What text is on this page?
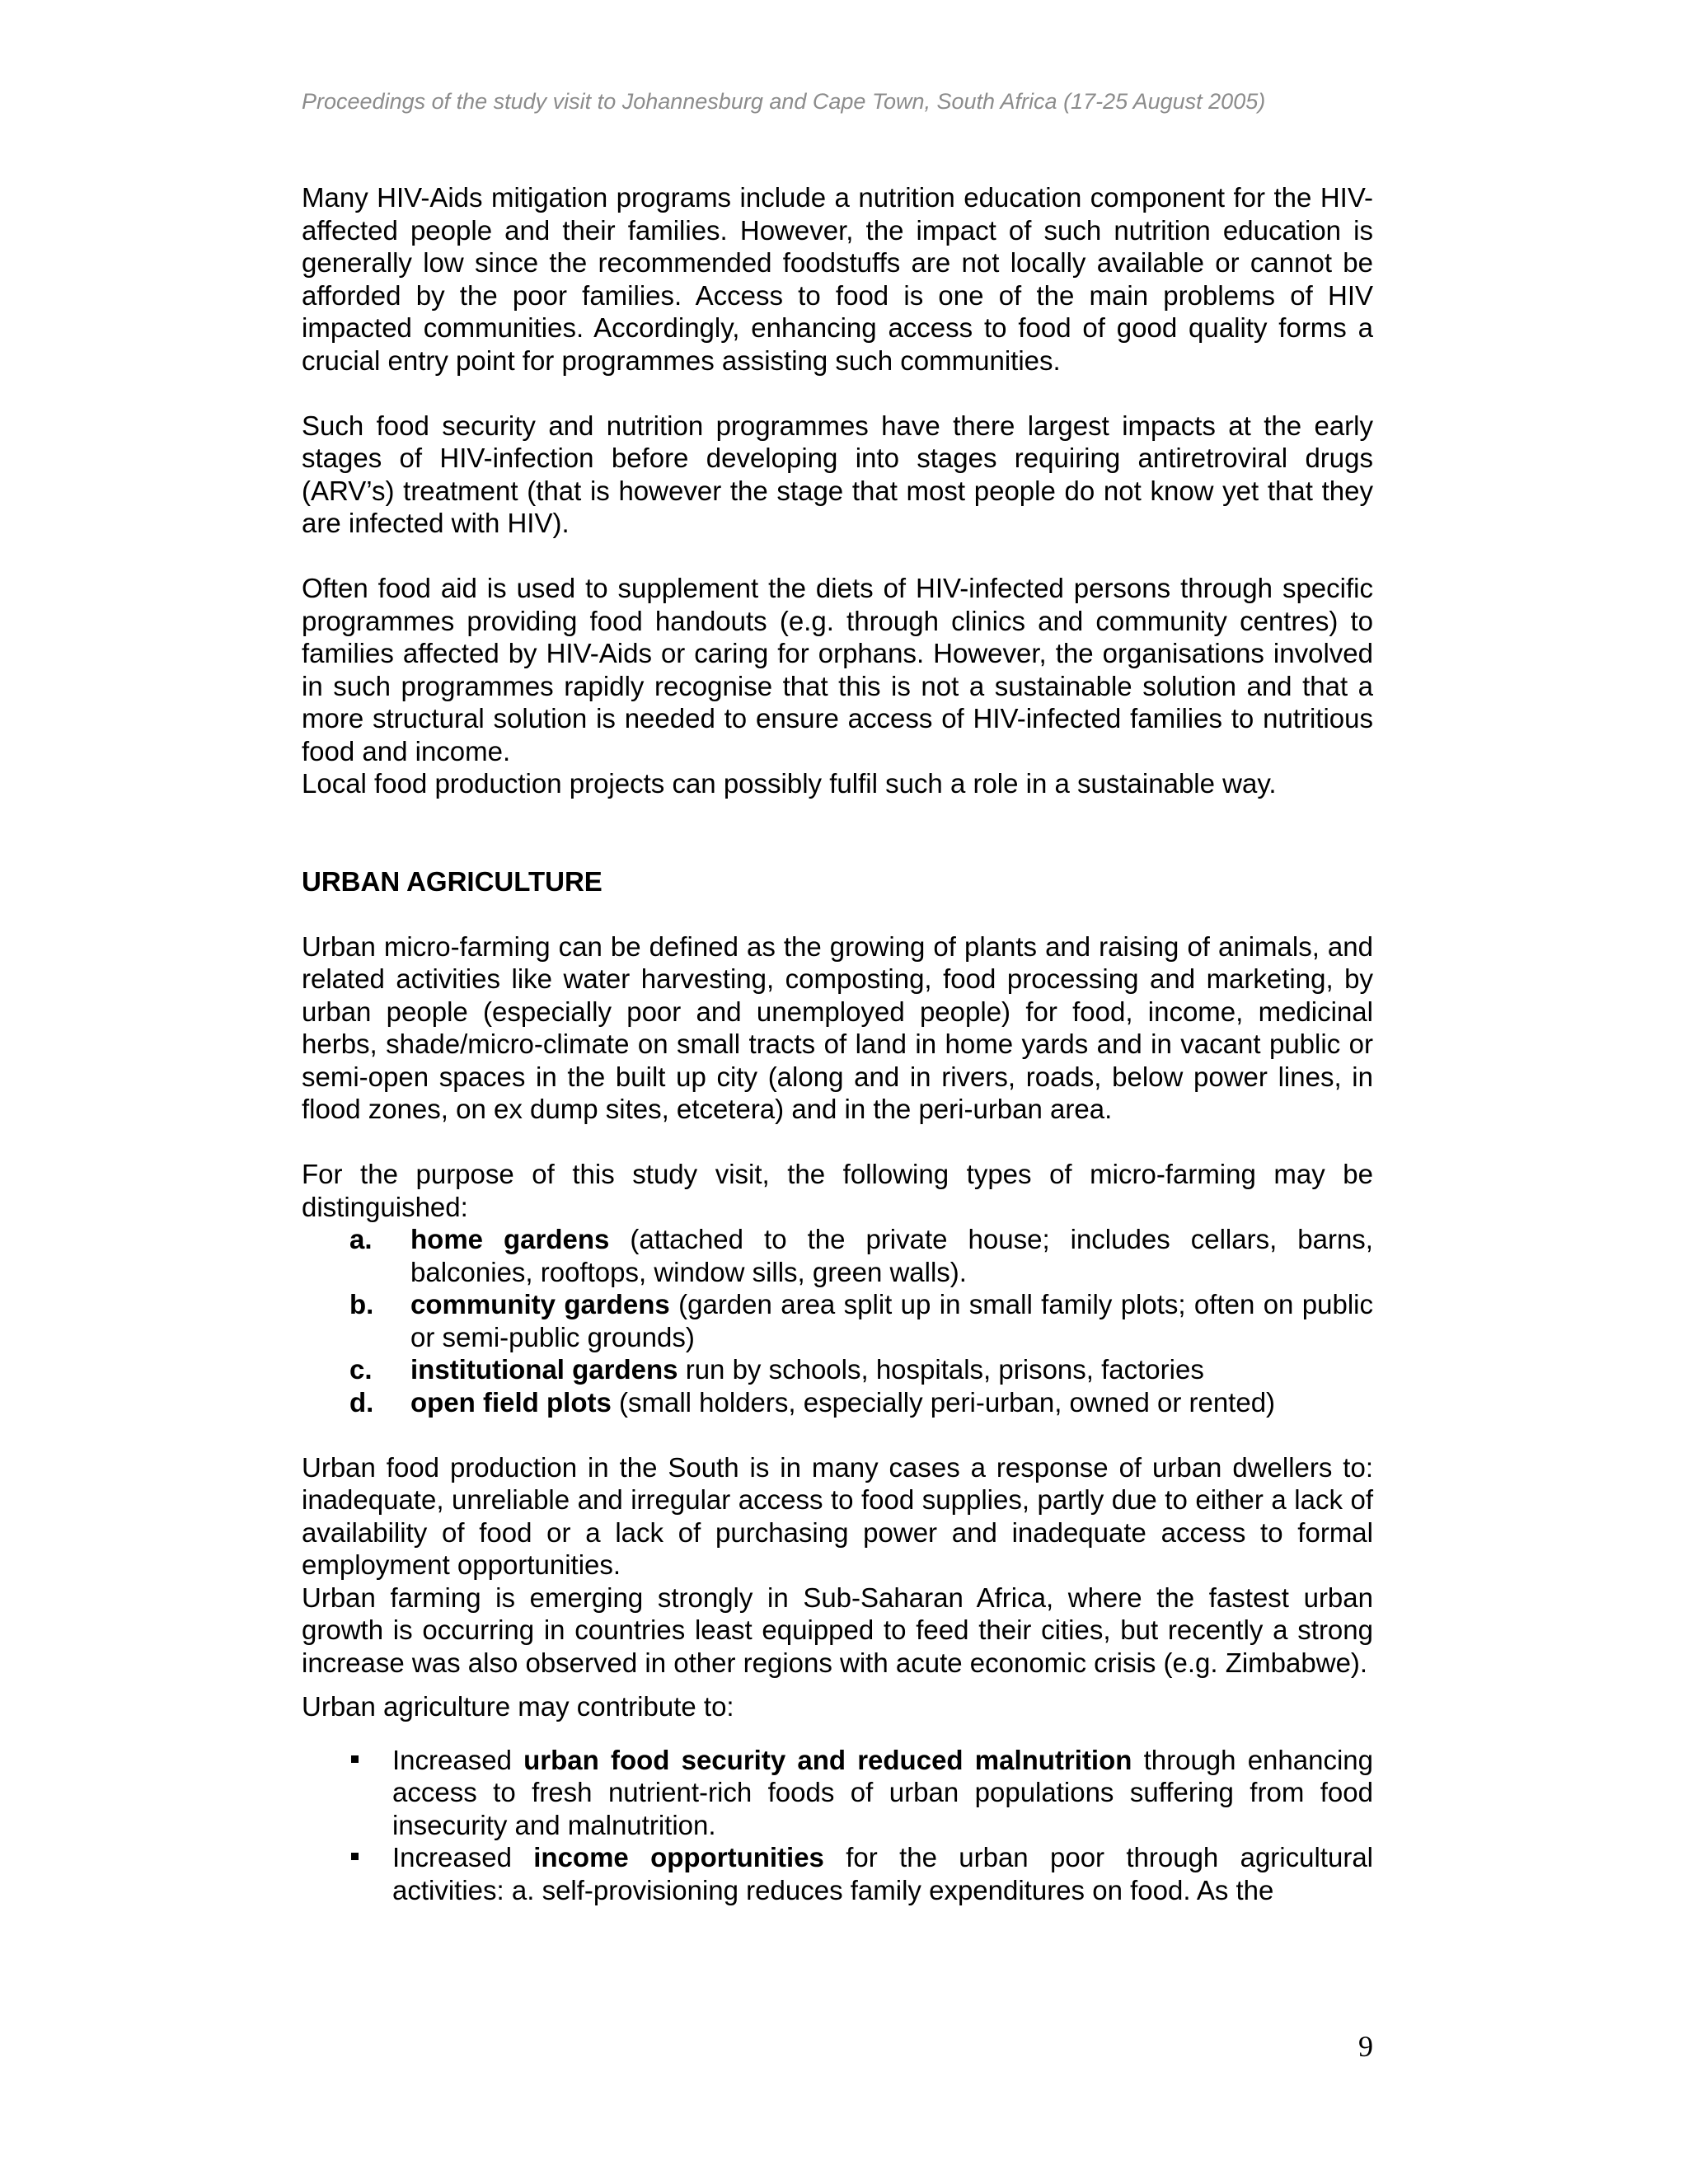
Proceedings of the study visit to Johannesburg and Cape Town, South Africa (17-25 August 2005)

Many HIV-Aids mitigation programs include a nutrition education component for the HIV-affected people and their families. However, the impact of such nutrition education is generally low since the recommended foodstuffs are not locally available or cannot be afforded by the poor families. Access to food is one of the main problems of HIV impacted communities. Accordingly, enhancing access to food of good quality forms a crucial entry point for programmes assisting such communities.

Such food security and nutrition programmes have there largest impacts at the early stages of HIV-infection before developing into stages requiring antiretroviral drugs (ARV’s) treatment (that is however the stage that most people do not know yet that they are infected with HIV).

Often food aid is used to supplement the diets of HIV-infected persons through specific programmes providing food handouts (e.g. through clinics and community centres) to families affected by HIV-Aids or caring for orphans. However, the organisations involved in such programmes rapidly recognise that this is not a sustainable solution and that a more structural solution is needed to ensure access of HIV-infected families to nutritious food and income.

Local food production projects can possibly fulfil such a role in a sustainable way.

URBAN AGRICULTURE

Urban micro-farming can be defined as the growing of plants and raising of animals, and related activities like water harvesting, composting, food processing and marketing, by urban people (especially poor and unemployed people) for food, income, medicinal herbs, shade/micro-climate on small tracts of land in home yards and in vacant public or semi-open spaces in the built up city (along and in rivers, roads, below power lines, in flood zones, on ex dump sites, etcetera) and in the peri-urban area.

For the purpose of this study visit, the following types of micro-farming may be distinguished:

a. home gardens (attached to the private house; includes cellars, barns, balconies, rooftops, window sills, green walls).
b. community gardens (garden area split up in small family plots; often on public or semi-public grounds)
c. institutional gardens run by schools, hospitals, prisons, factories
d. open field plots (small holders, especially peri-urban, owned or rented)

Urban food production in the South is in many cases a response of urban dwellers to: inadequate, unreliable and irregular access to food supplies, partly due to either a lack of availability of food or a lack of purchasing power and inadequate access to formal employment opportunities.

Urban farming is emerging strongly in Sub-Saharan Africa, where the fastest urban growth is occurring in countries least equipped to feed their cities, but recently a strong increase was also observed in other regions with acute economic crisis (e.g. Zimbabwe).

Urban agriculture may contribute to:

Increased urban food security and reduced malnutrition through enhancing access to fresh nutrient-rich foods of urban populations suffering from food insecurity and malnutrition.
Increased income opportunities for the urban poor through agricultural activities: a. self-provisioning reduces family expenditures on food. As the
9
